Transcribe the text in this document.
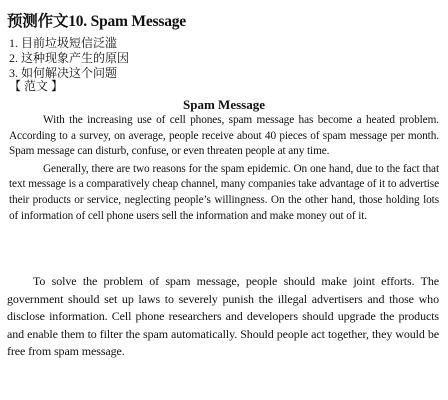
预测作文10. Spam Message
1. 目前垃圾短信泛滥
2. 这种现象产生的原因
3. 如何解决这个问题
【 范文 】
Spam Message

With the increasing use of cell phones, spam message has become a heated problem. According to a survey, on average, people receive about 40 pieces of spam message per month. Spam message can disturb, confuse, or even threaten people at any time.

Generally, there are two reasons for the spam epidemic. On one hand, due to the fact that text message is a comparatively cheap channel, many companies take advantage of it to advertise their products or service, neglecting people’s willingness. On the other hand, those holding lots of information of cell phone users sell the information and make money out of it.

To solve the problem of spam message, people should make joint efforts. The government should set up laws to severely punish the illegal advertisers and those who disclose information. Cell phone researchers and developers should upgrade the products and enable them to filter the spam automatically. Should people act together, they would be free from spam message.
